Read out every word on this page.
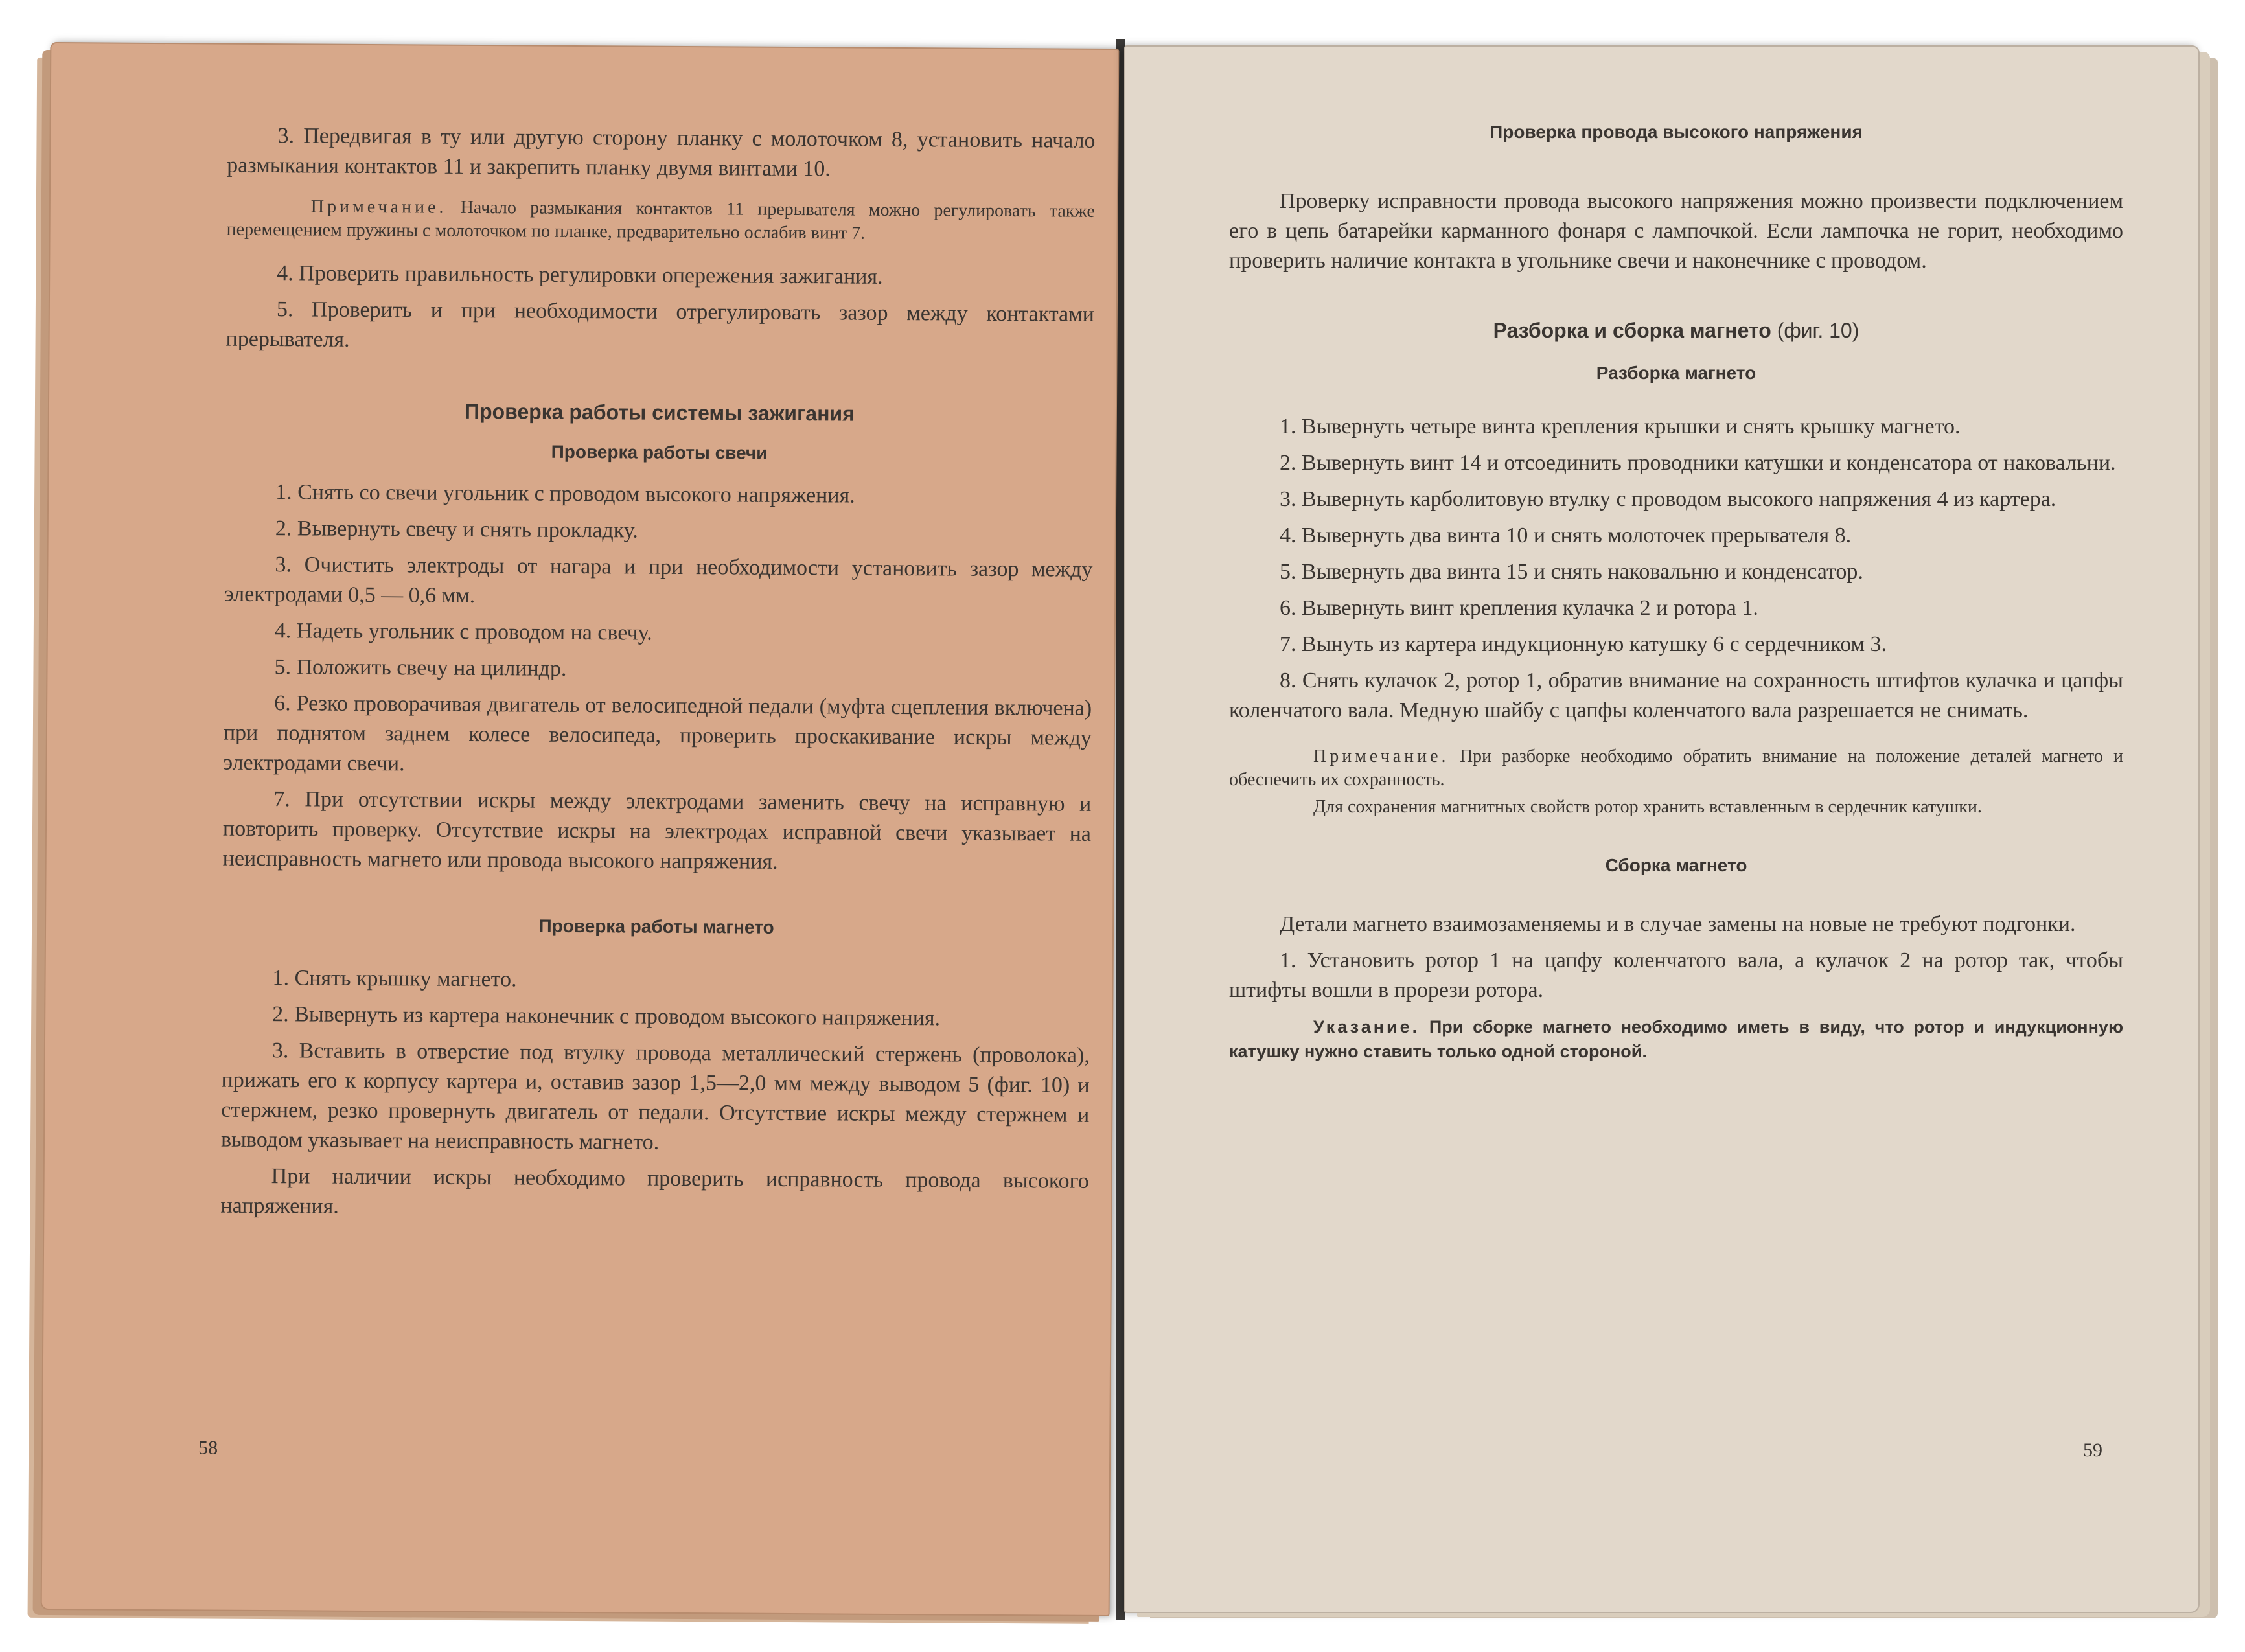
3. Передвигая в ту или другую сторону планку с молоточком 8, установить начало размыкания контактов 11 и закрепить планку двумя винтами 10.

Примечание. Начало размыкания контактов 11 прерывателя можно регулировать также перемещением пружины с молоточком по планке, предварительно ослабив винт 7.

4. Проверить правильность регулировки опережения зажигания.

5. Проверить и при необходимости отрегулировать зазор между контактами прерывателя.

Проверка работы системы зажигания
Проверка работы свечи

1. Снять со свечи угольник с проводом высокого напряжения.

2. Вывернуть свечу и снять прокладку.

3. Очистить электроды от нагара и при необходимости установить зазор между электродами 0,5 — 0,6 мм.

4. Надеть угольник с проводом на свечу.

5. Положить свечу на цилиндр.

6. Резко проворачивая двигатель от велосипедной педали (муфта сцепления включена) при поднятом заднем колесе велосипеда, проверить проскакивание искры между электродами свечи.

7. При отсутствии искры между электродами заменить свечу на исправную и повторить проверку. Отсутствие искры на электродах исправной свечи указывает на неисправность магнето или провода высокого напряжения.

Проверка работы магнето

1. Снять крышку магнето.

2. Вывернуть из картера наконечник с проводом высокого напряжения.

3. Вставить в отверстие под втулку провода металлический стержень (проволока), прижать его к корпусу картера и, оставив зазор 1,5—2,0 мм между выводом 5 (фиг. 10) и стержнем, резко провернуть двигатель от педали. Отсутствие искры между стержнем и выводом указывает на неисправность магнето.

При наличии искры необходимо проверить исправность провода высокого напряжения.

58
Проверка провода высокого напряжения

Проверку исправности провода высокого напряжения можно произвести подключением его в цепь батарейки карманного фонаря с лампочкой. Если лампочка не горит, необходимо проверить наличие контакта в угольнике свечи и наконечнике с проводом.

Разборка и сборка магнето (фиг. 10)
Разборка магнето

1. Вывернуть четыре винта крепления крышки и снять крышку магнето.

2. Вывернуть винт 14 и отсоединить проводники катушки и конденсатора от наковальни.

3. Вывернуть карболитовую втулку с проводом высокого напряжения 4 из картера.

4. Вывернуть два винта 10 и снять молоточек прерывателя 8.

5. Вывернуть два винта 15 и снять наковальню и конденсатор.

6. Вывернуть винт крепления кулачка 2 и ротора 1.

7. Вынуть из картера индукционную катушку 6 с сердечником 3.

8. Снять кулачок 2, ротор 1, обратив внимание на сохранность штифтов кулачка и цапфы коленчатого вала. Медную шайбу с цапфы коленчатого вала разрешается не снимать.

Примечание. При разборке необходимо обратить внимание на положение деталей магнето и обеспечить их сохранность.

Для сохранения магнитных свойств ротор хранить вставленным в сердечник катушки.

Сборка магнето

Детали магнето взаимозаменяемы и в случае замены на новые не требуют подгонки.

1. Установить ротор 1 на цапфу коленчатого вала, а кулачок 2 на ротор так, чтобы штифты вошли в прорези ротора.

Указание. При сборке магнето необходимо иметь в виду, что ротор и индукционную катушку нужно ставить только одной стороной.

59
